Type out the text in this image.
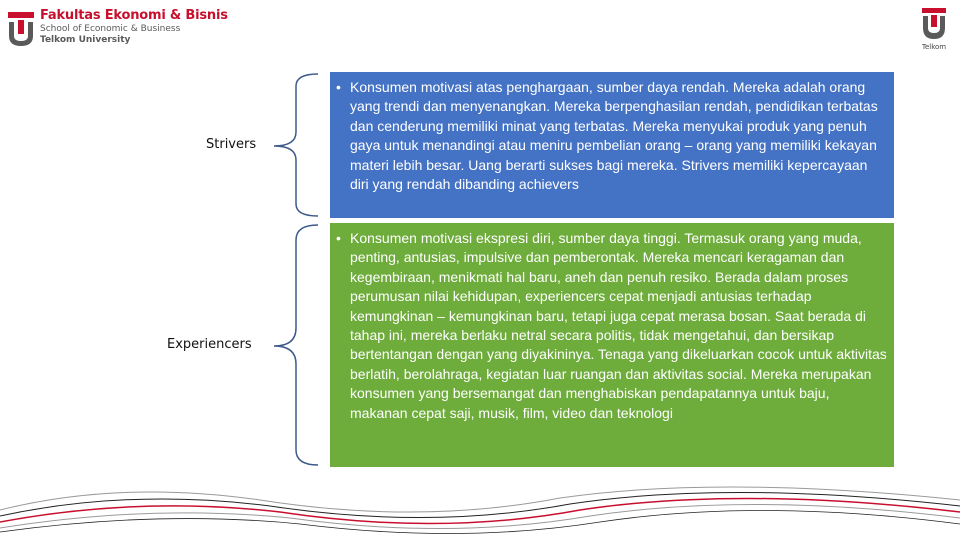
Fakultas Ekonomi & Bisnis
School of Economic & Business
Telkom University
Telkom
Strivers
Experiencers
• Konsumen motivasi atas penghargaan, sumber daya rendah. Mereka adalah orang yang trendi dan menyenangkan. Mereka berpenghasilan rendah, pendidikan terbatas dan cenderung memiliki minat yang terbatas. Mereka menyukai produk yang penuh gaya untuk menandingi atau meniru pembelian orang – orang yang memiliki kekayan materi lebih besar. Uang berarti sukses bagi mereka. Strivers memiliki kepercayaan diri yang rendah dibanding achievers
• Konsumen motivasi ekspresi diri, sumber daya tinggi. Termasuk orang yang muda, penting, antusias, impulsive dan pemberontak. Mereka mencari keragaman dan kegembiraan, menikmati hal baru, aneh dan penuh resiko. Berada dalam proses perumusan nilai kehidupan, experiencers cepat menjadi antusias terhadap kemungkinan – kemungkinan baru, tetapi juga cepat merasa bosan. Saat berada di tahap ini, mereka berlaku netral secara politis, tidak mengetahui, dan bersikap bertentangan dengan yang diyakininya. Tenaga yang dikeluarkan cocok untuk aktivitas berlatih, berolahraga, kegiatan luar ruangan dan aktivitas social. Mereka merupakan konsumen yang bersemangat dan menghabiskan pendapatannya untuk baju, makanan cepat saji, musik, film, video dan teknologi
